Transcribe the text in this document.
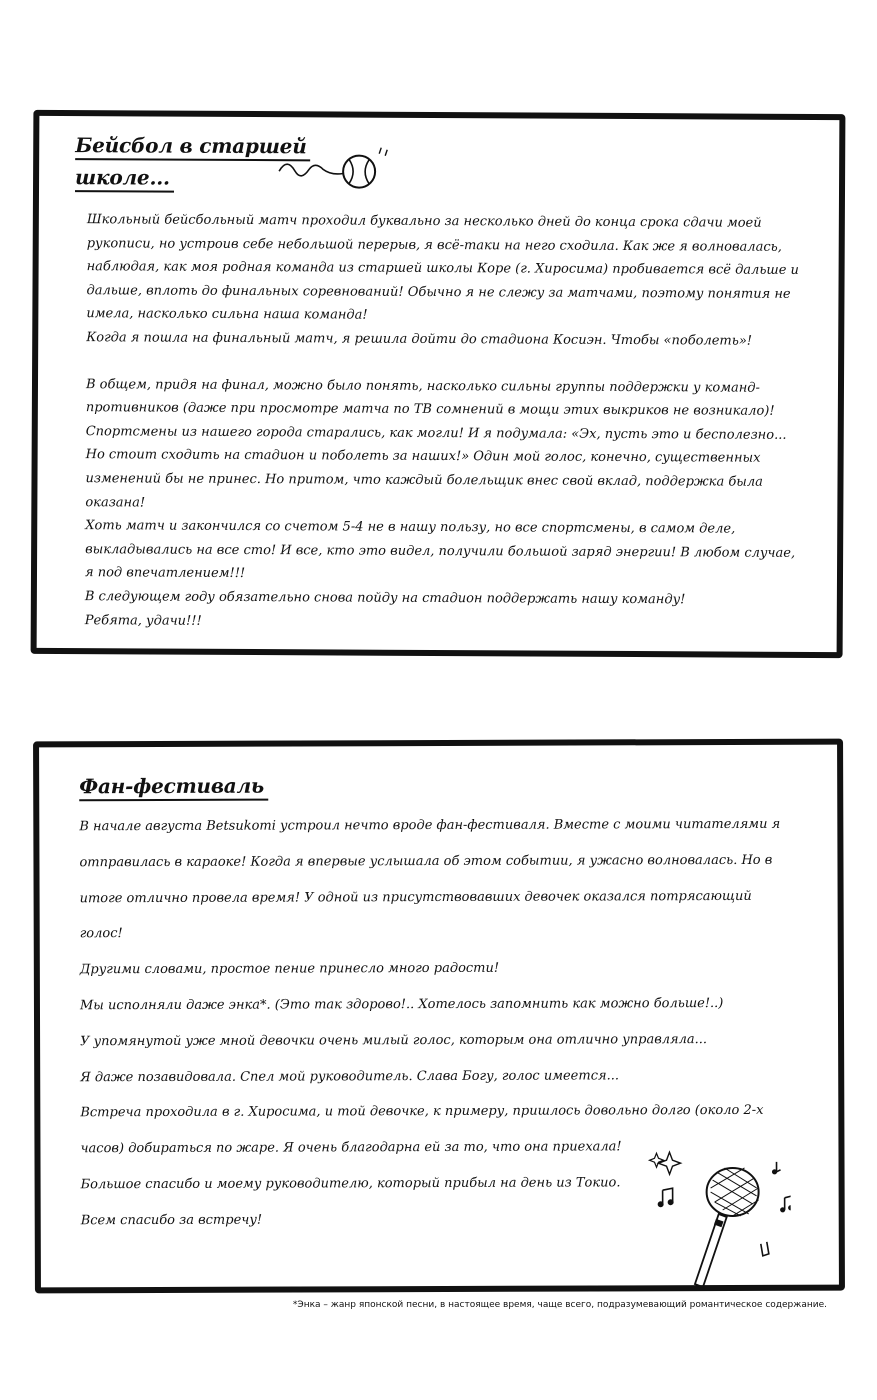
Бейсбол в старшей
школе...

Школьный бейсбольный матч проходил буквально за несколько дней до конца срока сдачи моей рукописи, но устроив себе небольшой перерыв, я всё-таки на него сходила. Как же я волновалась, наблюдая, как моя родная команда из старшей школы Коре (г. Хиросима) пробивается всё дальше и дальше, вплоть до финальных соревнований! Обычно я не слежу за матчами, поэтому понятия не имела, насколько сильна наша команда!

Когда я пошла на финальный матч, я решила дойти до стадиона Косиэн. Чтобы «поболеть»!

В общем, придя на финал, можно было понять, насколько сильны группы поддержки у команд-противников (даже при просмотре матча по ТВ сомнений в мощи этих выкриков не возникало)! Спортсмены из нашего города старались, как могли! И я подумала: «Эх, пусть это и бесполезно... Но стоит сходить на стадион и поболеть за наших!» Один мой голос, конечно, существенных изменений бы не принес. Но притом, что каждый болельщик внес свой вклад, поддержка была оказана!

Хоть матч и закончился со счетом 5-4 не в нашу пользу, но все спортсмены, в самом деле, выкладывались на все сто! И все, кто это видел, получили большой заряд энергии! В любом случае, я под впечатлением!!!

В следующем году обязательно снова пойду на стадион поддержать нашу команду!

Ребята, удачи!!!

Фан-фестиваль

В начале августа Betsukomi устроил нечто вроде фан-фестиваля. Вместе с моими читателями я отправилась в караоке! Когда я впервые услышала об этом событии, я ужасно волновалась. Но в итоге отлично провела время! У одной из присутствовавших девочек оказался потрясающий голос!

Другими словами, простое пение принесло много радости!

Мы исполняли даже энка*. (Это так здорово!.. Хотелось запомнить как можно больше!..)

У упомянутой уже мной девочки очень милый голос, которым она отлично управляла...

Я даже позавидовала. Спел мой руководитель. Слава Богу, голос имеется...

Встреча проходила в г. Хиросима, и той девочке, к примеру, пришлось довольно долго (около 2-х часов) добираться по жаре. Я очень благодарна ей за то, что она приехала!

Большое спасибо и моему руководителю, который прибыл на день из Токио.

Всем спасибо за встречу!

*Энка – жанр японской песни, в настоящее время, чаще всего, подразумевающий романтическое содержание.
